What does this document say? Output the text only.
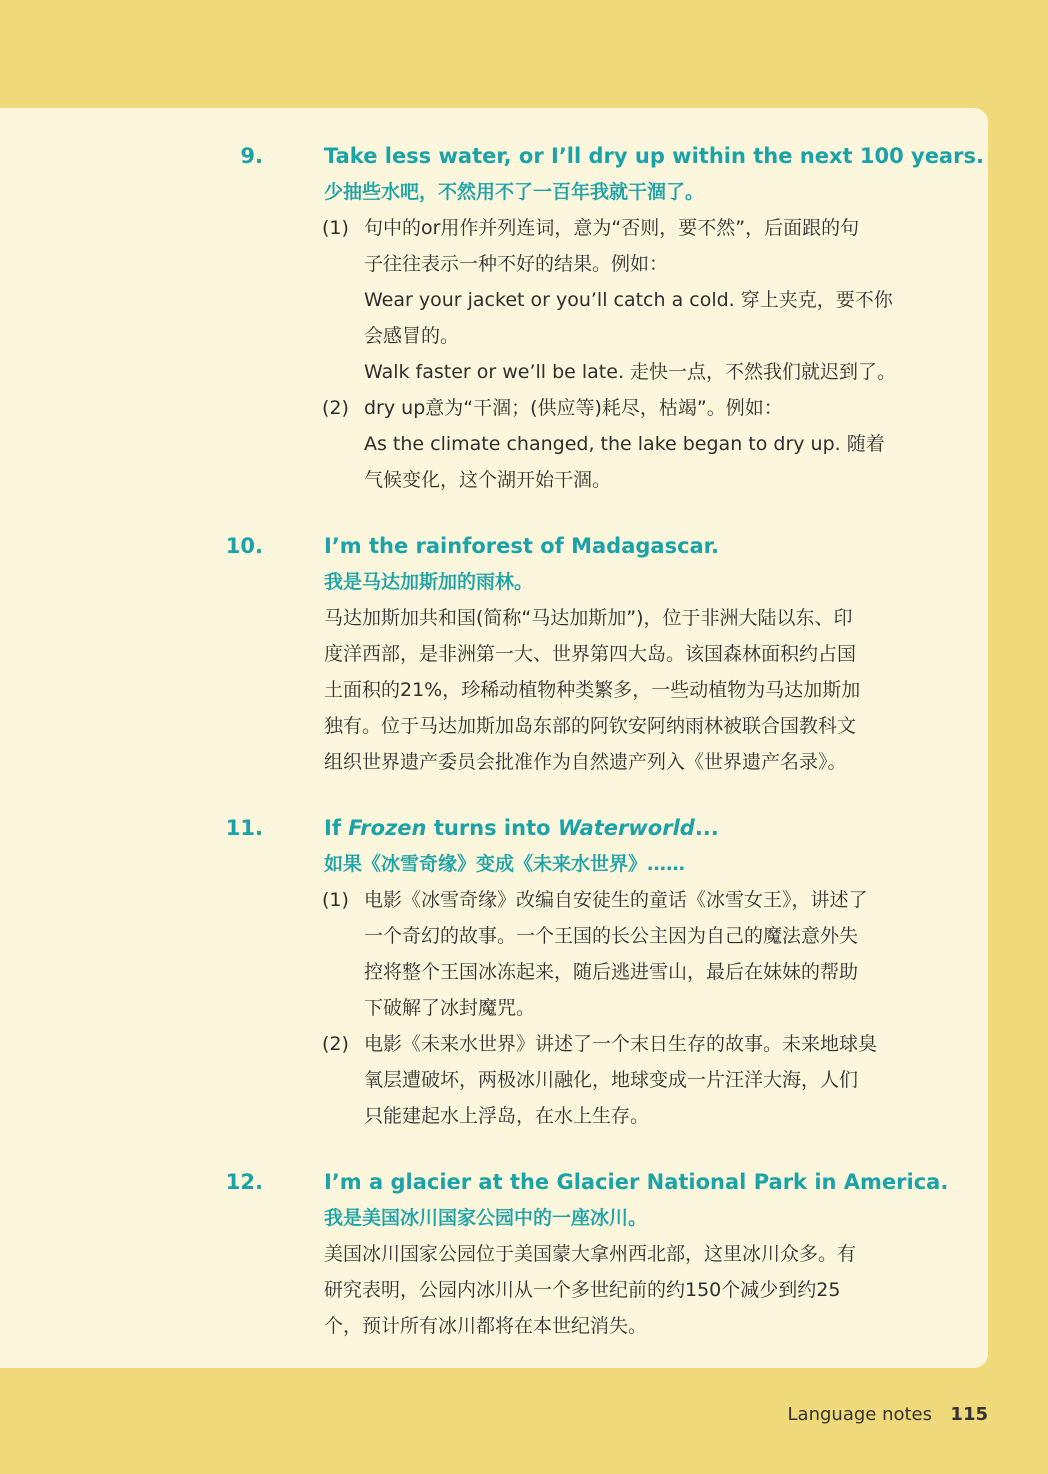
9.	Take less water, or I’ll dry up within the next 100 years.
少抽些水吧，不然用不了一百年我就干涸了。
(1) 句中的or用作并列连词，意为“否则，要不然”，后面跟的句
子往往表示一种不好的结果。例如：
Wear your jacket or you’ll catch a cold. 穿上夹克，要不你
会感冒的。
Walk faster or we’ll be late. 走快一点，不然我们就迟到了。
(2) dry up意为“干涸；(供应等)耗尽，枯竭”。例如：
As the climate changed, the lake began to dry up. 随着
气候变化，这个湖开始干涸。
10.	I’m the rainforest of Madagascar.
我是马达加斯加的雨林。
马达加斯加共和国(简称“马达加斯加”)，位于非洲大陆以东、印
度洋西部，是非洲第一大、世界第四大岛。该国森林面积约占国
土面积的21%，珍稀动植物种类繁多，一些动植物为马达加斯加
独有。位于马达加斯加岛东部的阿钦安阿纳雨林被联合国教科文
组织世界遗产委员会批准作为自然遗产列入《世界遗产名录》。
11.	If Frozen turns into Waterworld...
如果《冰雪奇缘》变成《未来水世界》……
(1) 电影《冰雪奇缘》改编自安徒生的童话《冰雪女王》，讲述了
一个奇幻的故事。一个王国的长公主因为自己的魔法意外失
控将整个王国冰冻起来，随后逃进雪山，最后在妹妹的帮助
下破解了冰封魔咒。
(2) 电影《未来水世界》讲述了一个末日生存的故事。未来地球臭
氧层遭破坏，两极冰川融化，地球变成一片汪洋大海，人们
只能建起水上浮岛，在水上生存。
12.	I’m a glacier at the Glacier National Park in America.
我是美国冰川国家公园中的一座冰川。
美国冰川国家公园位于美国蒙大拿州西北部，这里冰川众多。有
研究表明，公园内冰川从一个多世纪前的约150个减少到约25
个，预计所有冰川都将在本世纪消失。
Language notes 115
